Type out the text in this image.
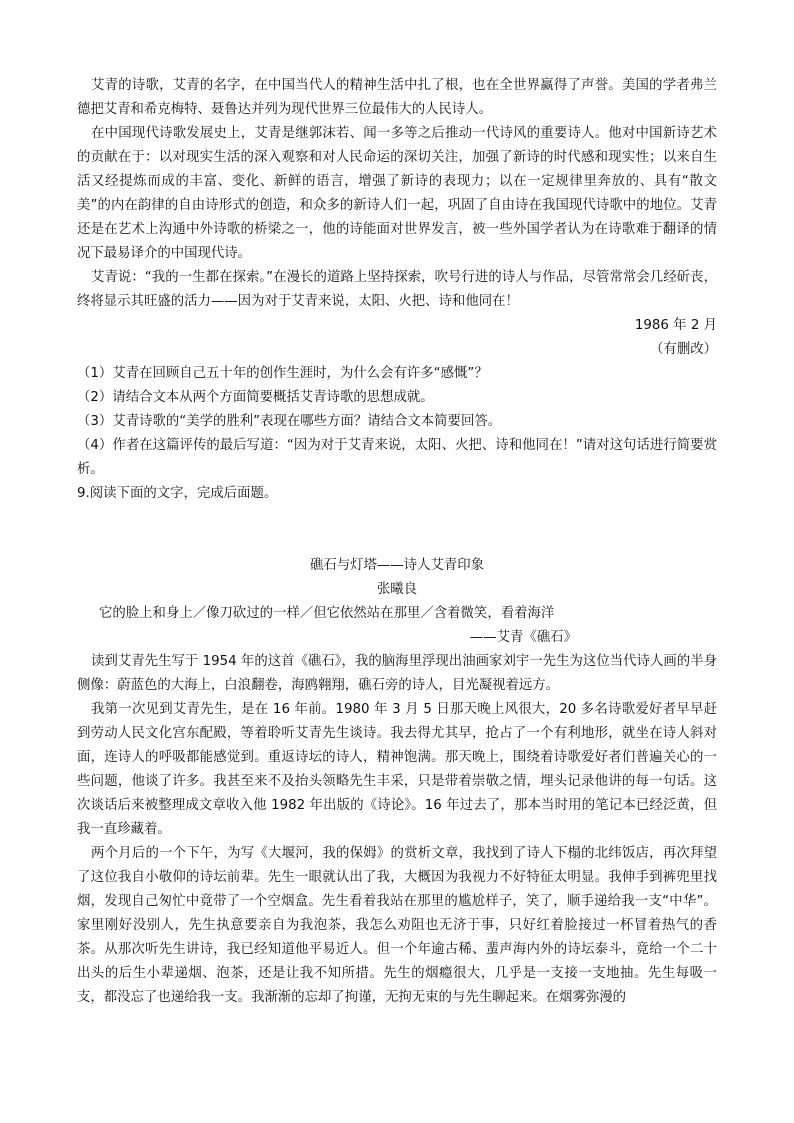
艾青的诗歌，艾青的名字，在中国当代人的精神生活中扎了根，也在全世界赢得了声誉。美国的学者弗兰德把艾青和希克梅特、聂鲁达并列为现代世界三位最伟大的人民诗人。

在中国现代诗歌发展史上，艾青是继郭沫若、闻一多等之后推动一代诗风的重要诗人。他对中国新诗艺术的贡献在于：以对现实生活的深入观察和对人民命运的深切关注，加强了新诗的时代感和现实性；以来自生活又经提炼而成的丰富、变化、新鲜的语言，增强了新诗的表现力；以在一定规律里奔放的、具有“散文美”的内在韵律的自由诗形式的创造，和众多的新诗人们一起，巩固了自由诗在我国现代诗歌中的地位。艾青还是在艺术上沟通中外诗歌的桥梁之一，他的诗能面对世界发言，被一些外国学者认为在诗歌难于翻译的情况下最易译介的中国现代诗。

艾青说：“我的一生都在探索。”在漫长的道路上坚持探索，吹号行进的诗人与作品，尽管常常会几经斫丧，终将显示其旺盛的活力——因为对于艾青来说，太阳、火把、诗和他同在！

1986 年 2 月

（有删改）

（1）艾青在回顾自己五十年的创作生涯时，为什么会有许多“感慨”？

（2）请结合文本从两个方面简要概括艾青诗歌的思想成就。

（3）艾青诗歌的“美学的胜利”表现在哪些方面？请结合文本简要回答。

（4）作者在这篇评传的最后写道：“因为对于艾青来说，太阳、火把、诗和他同在！”请对这句话进行简要赏析。

9.阅读下面的文字，完成后面题。

礁石与灯塔——诗人艾青印象

张曦良

它的脸上和身上／像刀砍过的一样／但它依然站在那里／含着微笑，看着海洋

——艾青《礁石》

读到艾青先生写于 1954 年的这首《礁石》，我的脑海里浮现出油画家刘宇一先生为这位当代诗人画的半身侧像：蔚蓝色的大海上，白浪翻卷，海鸥翱翔，礁石旁的诗人，目光凝视着远方。

我第一次见到艾青先生，是在 16 年前。1980 年 3 月 5 日那天晚上风很大，20 多名诗歌爱好者早早赶到劳动人民文化宫东配殿，等着聆听艾青先生谈诗。我去得尤其早，抢占了一个有利地形，就坐在诗人斜对面，连诗人的呼吸都能感觉到。重返诗坛的诗人，精神饱满。那天晚上，围绕着诗歌爱好者们普遍关心的一些问题，他谈了许多。我甚至来不及抬头领略先生丰采，只是带着崇敬之情，埋头记录他讲的每一句话。这次谈话后来被整理成文章收入他 1982 年出版的《诗论》。16 年过去了，那本当时用的笔记本已经泛黄，但我一直珍藏着。

两个月后的一个下午，为写《大堰河，我的保姆》的赏析文章，我找到了诗人下榻的北纬饭店，再次拜望了这位我自小敬仰的诗坛前辈。先生一眼就认出了我，大概因为我视力不好特征太明显。我伸手到裤兜里找烟，发现自己匆忙中竟带了一个空烟盒。先生看着我站在那里的尴尬样子，笑了，顺手递给我一支“中华”。家里刚好没别人，先生执意要亲自为我泡茶，我怎么劝阻也无济于事，只好红着脸接过一杯冒着热气的香茶。从那次听先生讲诗，我已经知道他平易近人。但一个年逾古稀、蜚声海内外的诗坛泰斗，竟给一个二十出头的后生小辈递烟、泡茶，还是让我不知所措。先生的烟瘾很大，几乎是一支接一支地抽。先生每吸一支，都没忘了也递给我一支。我渐渐的忘却了拘谨，无拘无束的与先生聊起来。在烟雾弥漫的
